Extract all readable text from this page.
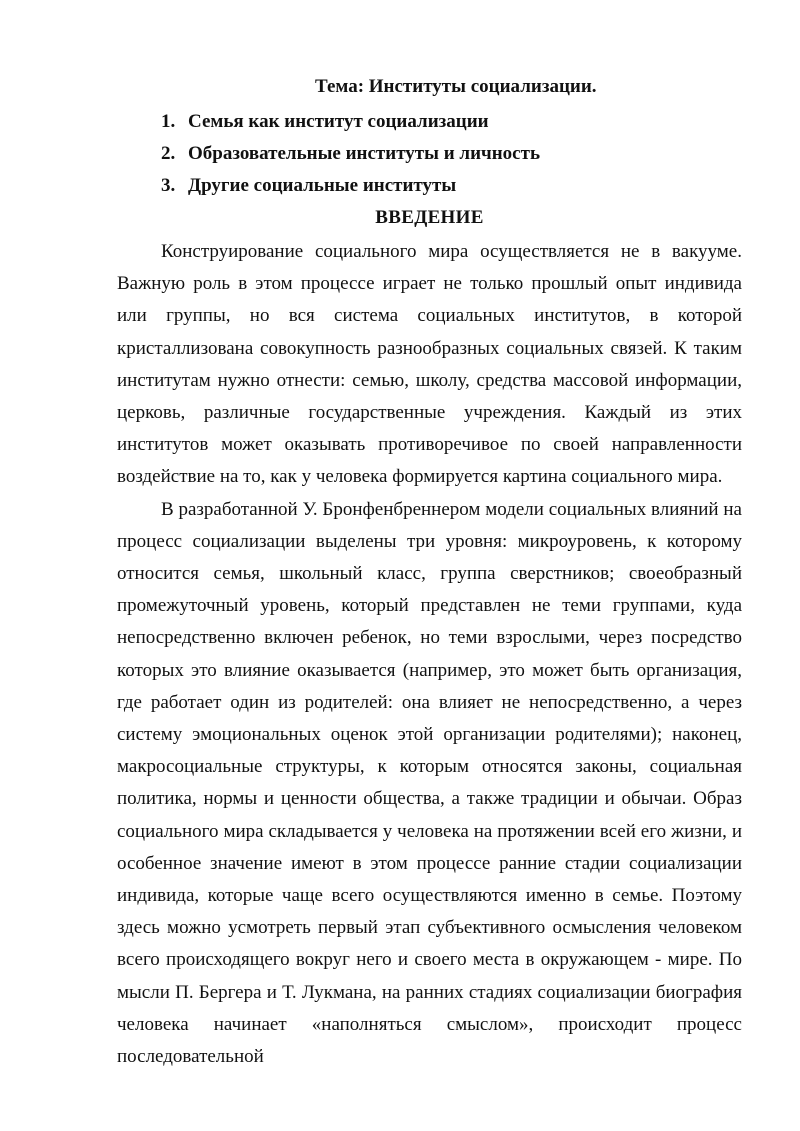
Тема: Институты социализации.
1. Семья как институт социализации
2. Образовательные институты и личность
3. Другие социальные институты
ВВЕДЕНИЕ

Конструирование социального мира осуществляется не в вакууме. Важную роль в этом процессе играет не только прошлый опыт индивида или группы, но вся система социальных институтов, в которой кристаллизована совокупность разнообразных социальных связей. К таким институтам нужно отнести: семью, школу, средства массовой информации, церковь, различные государственные учреждения. Каждый из этих институтов может оказывать противоречивое по своей направленности воздействие на то, как у человека формируется картина социального мира.

В разработанной У. Бронфенбреннером модели социальных влияний на процесс социализации выделены три уровня: микроуровень, к которому относится семья, школьный класс, группа сверстников; своеобразный промежуточный уровень, который представлен не теми группами, куда непосредственно включен ребенок, но теми взрослыми, через посредство которых это влияние оказывается (например, это может быть организация, где работает один из родителей: она влияет не непосредственно, а через систему эмоциональных оценок этой организации родителями); наконец, макросоциальные структуры, к которым относятся законы, социальная политика, нормы и ценности общества, а также традиции и обычаи. Образ социального мира складывается у человека на протяжении всей его жизни, и особенное значение имеют в этом процессе ранние стадии социализации индивида, которые чаще всего осуществляются именно в семье. Поэтому здесь можно усмотреть первый этап субъективного осмысления человеком всего происходящего вокруг него и своего места в окружающем - мире. По мысли П. Бергера и Т. Лукмана, на ранних стадиях социализации биография человека начинает «наполняться смыслом», происходит процесс последовательной
